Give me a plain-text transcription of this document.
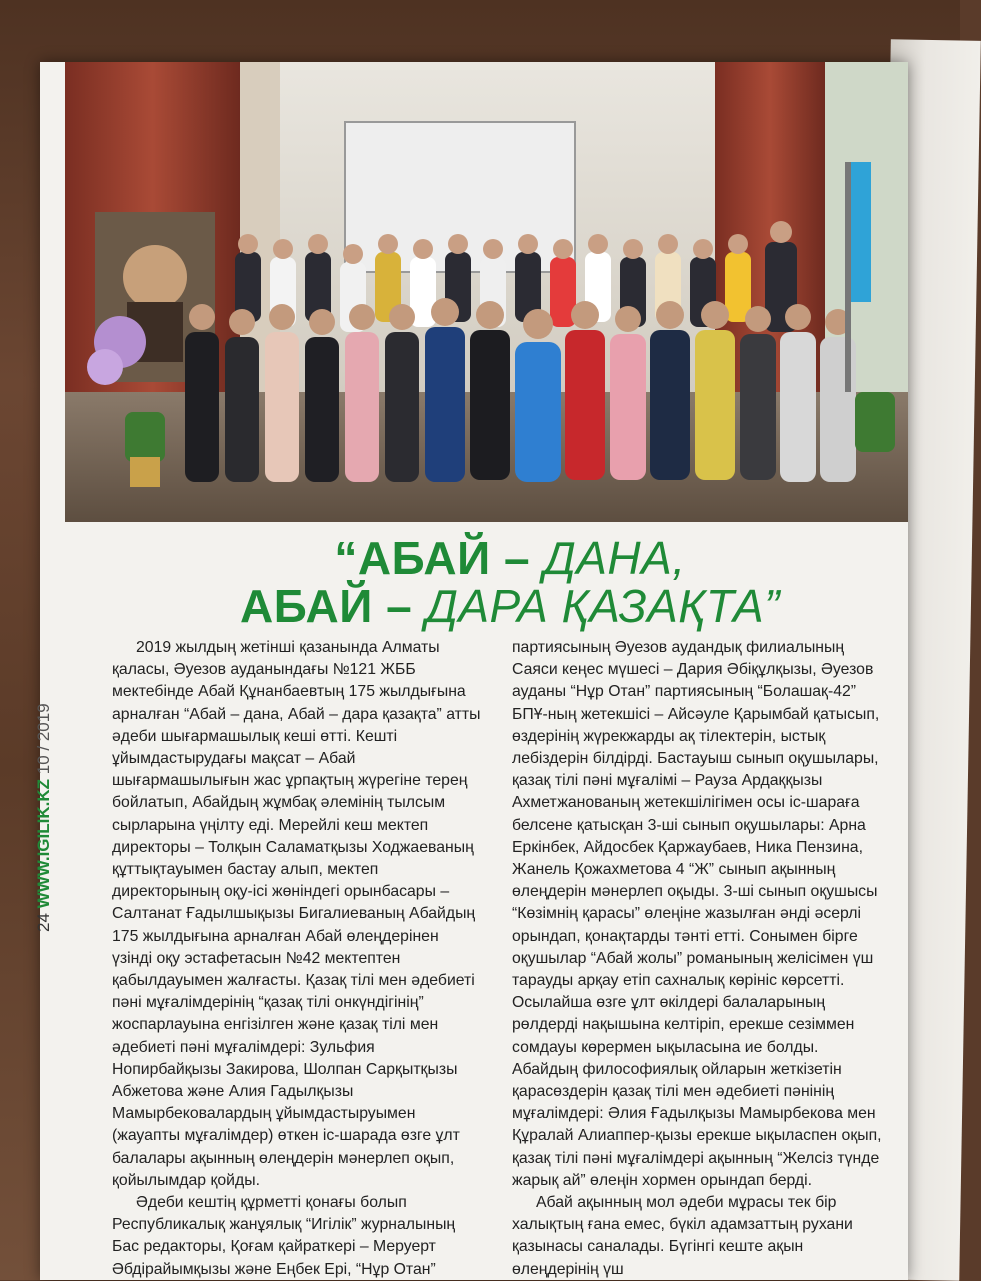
“АБАЙ – ДАНА,
АБАЙ – ДАРА ҚАЗАҚТА”

2019 жылдың жетінші қазанында Алматы қаласы, Әуезов ауданындағы №121 ЖББ мектебінде Абай Құнанбаевтың 175 жылдығына арналған “Абай – дана, Абай – дара қазақта” атты әдеби шығармашылық кеші өтті. Кешті ұйымдастырудағы мақсат – Абай шығармашылығын жас ұрпақтың жүрегіне терең бойлатып, Абайдың жұмбақ әлемінің тылсым сырларына үңілту еді. Мерейлі кеш мектеп директоры – Толқын Саламатқызы Ходжаеваның құттықтауымен бастау алып, мектеп директорының оқу-ісі жөніндегі орынбасары – Салтанат Ғадылшықызы Бигалиеваның Абайдың 175 жылдығына арналған Абай өлеңдерінен үзінді оқу эстафетасын №42 мектептен қабылдауымен жалғасты. Қазақ тілі мен әдебиеті пәні мұғалімдерінің “қазақ тілі онкүндігінің” жоспарлауына енгізілген және қазақ тілі мен әдебиеті пәні мұғалімдері: Зульфия Нопирбайқызы Закирова, Шолпан Сарқытқызы Абжетова және Алия Гадылқызы Мамырбековалардың ұйымдастыруымен (жауапты мұғалімдер) өткен іс-шарада өзге ұлт балалары ақынның өлеңдерін мәнерлеп оқып, қойылымдар қойды.

Әдеби кештің құрметті қонағы болып Республикалық жанұялық “Игілік” журналының Бас редакторы, Қоғам қайраткері – Меруерт Әбдірайымқызы және Еңбек Ері, “Нұр Отан”

партиясының Әуезов аудандық филиалының Саяси кеңес мүшесі – Дария Әбіқұлқызы, Әуезов ауданы “Нұр Отан” партиясының “Болашақ-42” БПҰ-ның жетекшісі – Айсәуле Қарымбай қатысып, өздерінің жүрекжарды ақ тілектерін, ыстық лебіздерін білдірді. Бастауыш сынып оқушылары, қазақ тілі пәні мұғалімі – Рауза Ардаққызы Ахметжанованың жетекшілігімен осы іс-шараға белсене қатысқан 3-ші сынып оқушылары: Арна Еркінбек, Айдосбек Қаржаубаев, Ника Пензина, Жанель Қожахметова 4 “Ж” сынып ақынның өлеңдерін мәнерлеп оқыды. 3-ші сынып оқушысы “Көзімнің қарасы” өлеңіне жазылған әнді әсерлі орындап, қонақтарды тәнті етті. Сонымен бірге оқушылар “Абай жолы” романының желісімен үш тарауды арқау етіп сахналық көрініс көрсетті. Осылайша өзге ұлт өкілдері балаларының рөлдерді нақышына келтіріп, ерекше сезіммен сомдауы көрермен ықыласына ие болды. Абайдың философиялық ойларын жеткізетін қарасөздерін қазақ тілі мен әдебиеті пәнінің мұғалімдері: Әлия Ғадылқызы Мамырбекова мен Құралай Алиаппер-қызы ерекше ықыласпен оқып, қазақ тілі пәні мұғалімдері ақынның “Желсіз түнде жарық ай” өлеңін хормен орындап берді.

Абай ақынның мол әдеби мұрасы тек бір халықтың ғана емес, бүкіл адамзаттың рухани қазынасы саналады. Бүгінгі кеште ақын өлеңдерінің үш

24 WWW.IGILIK.KZ 10 / 2019
